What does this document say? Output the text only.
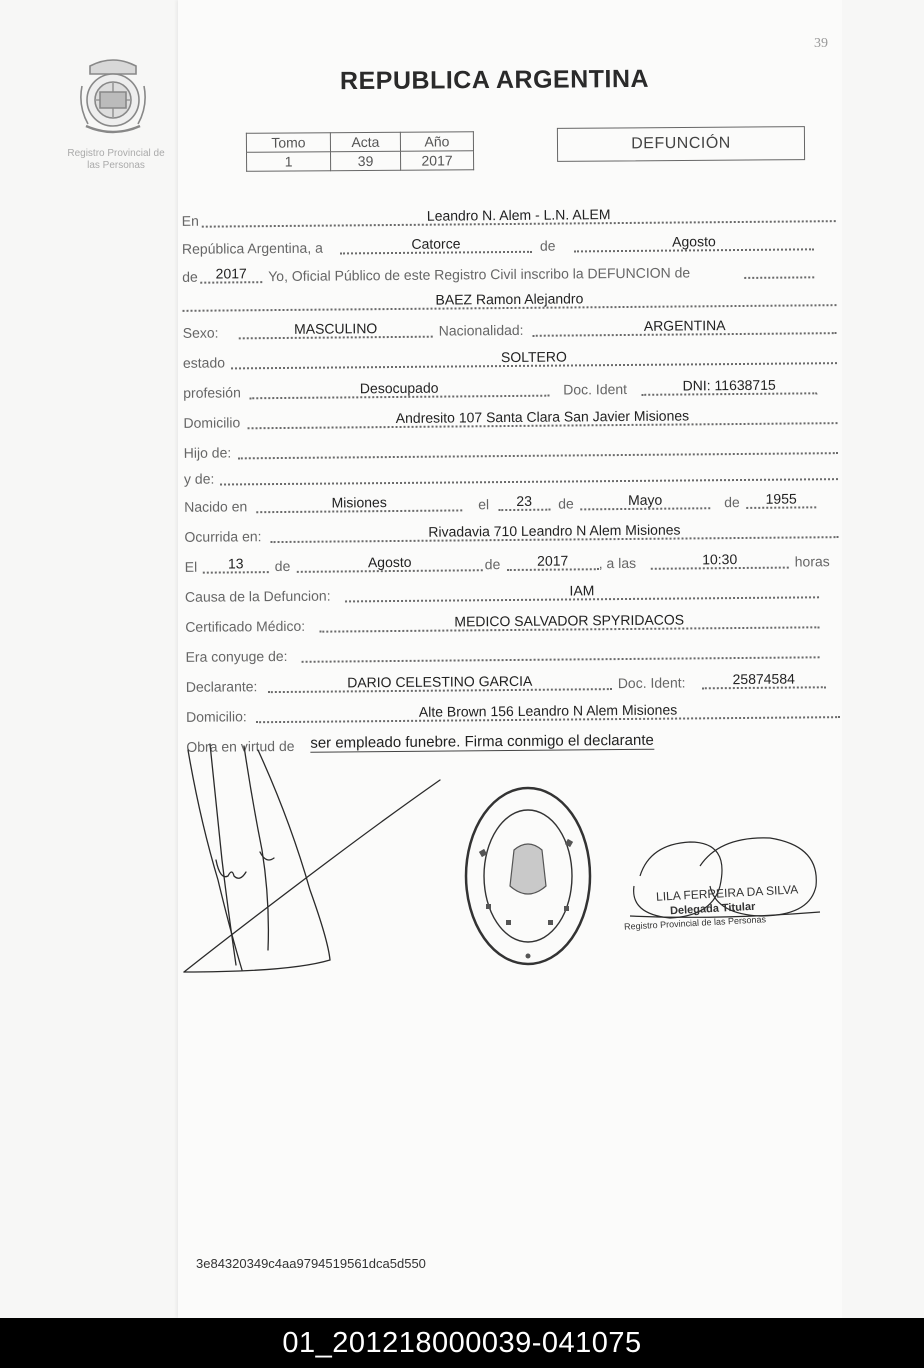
39
Registro Provincial de
las Personas
REPUBLICA ARGENTINA
Tomo	Acta	Año
1	39	2017
DEFUNCIÓN
En	Leandro N. Alem - L.N. ALEM
República Argentina, a	Catorce	de	Agosto
de	2017	Yo, Oficial Público de este Registro Civil inscribo la DEFUNCION de
BAEZ Ramon Alejandro
Sexo:	MASCULINO	Nacionalidad:	ARGENTINA
estado	SOLTERO
profesión	Desocupado	Doc. Ident	DNI: 11638715
Domicilio	Andresito 107 Santa Clara San Javier Misiones
Hijo de:
y de:
Nacido en	Misiones	el	23	de	Mayo	de	1955
Ocurrida en:	Rivadavia 710 Leandro N Alem Misiones
El	13	de	Agosto	de	2017	, a las	10:30	horas
Causa de la Defuncion:	IAM
Certificado Médico:	MEDICO SALVADOR SPYRIDACOS
Era conyuge de:
Declarante:	DARIO CELESTINO GARCIA	Doc. Ident:	25874584
Domicilio:	Alte Brown 156 Leandro N Alem Misiones
Obra en virtud de ser empleado funebre. Firma conmigo el declarante
LILA FERREIRA DA SILVA
Delegada Titular
Registro Provincial de las Personas
3e84320349c4aa9794519561dca5d550
01_201218000039-041075
